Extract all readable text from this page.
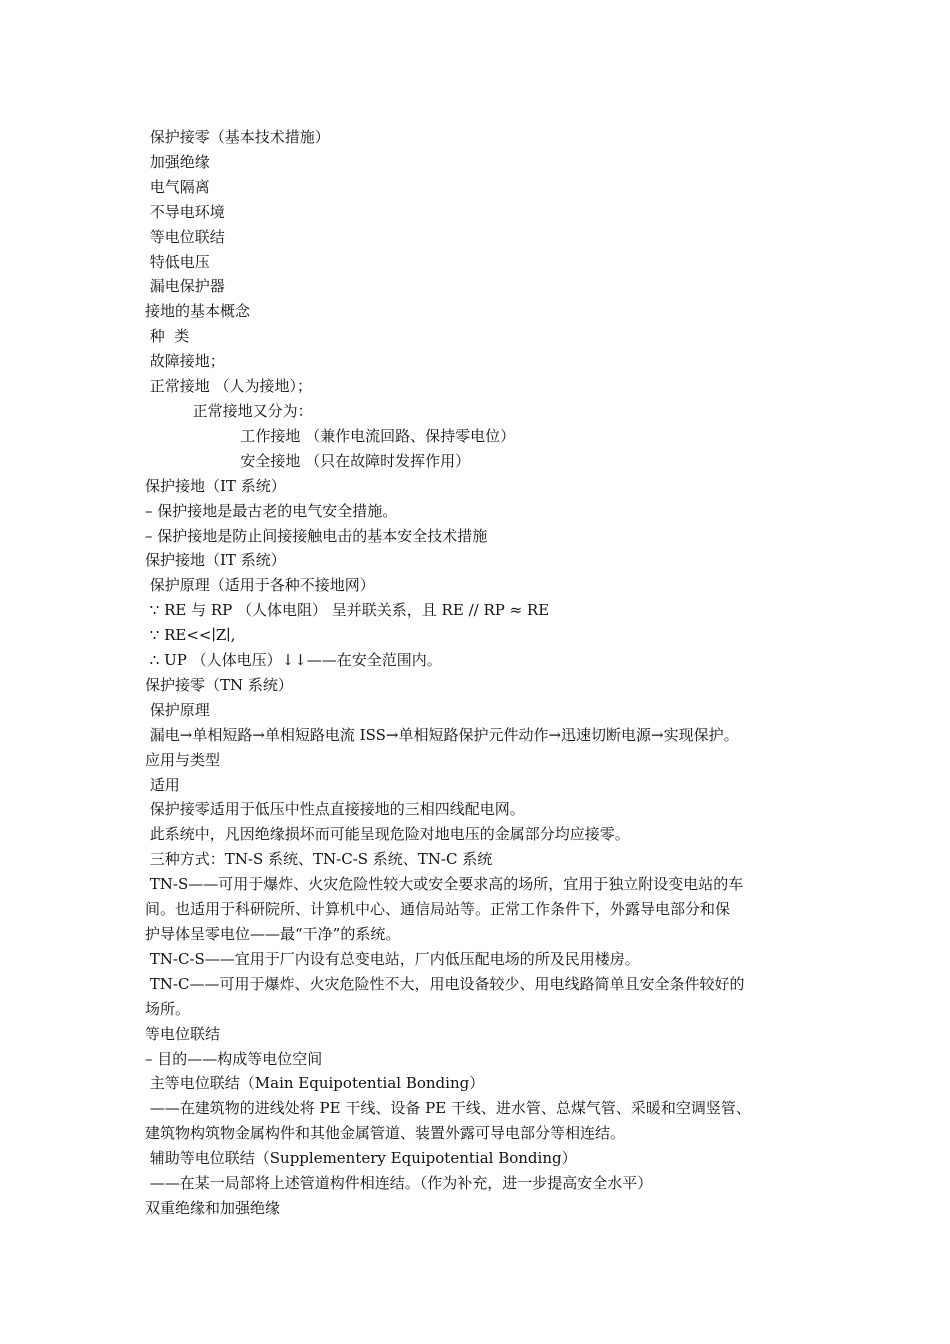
保护接零（基本技术措施）
加强绝缘
电气隔离
不导电环境
等电位联结
特低电压
漏电保护器
接地的基本概念
种  类
故障接地；
正常接地 （人为接地）；
正常接地又分为：
工作接地 （兼作电流回路、保持零电位）
安全接地 （只在故障时发挥作用）
保护接地（IT 系统）
– 保护接地是最古老的电气安全措施。
– 保护接地是防止间接接触电击的基本安全技术措施
保护接地（IT 系统）
保护原理（适用于各种不接地网）
∵ RE 与 RP （人体电阻） 呈并联关系，且 RE // RP ≈ RE
∵ RE<<∣Z∣,
∴ UP （人体电压）↓↓——在安全范围内。
保护接零（TN 系统）
保护原理
漏电→单相短路→单相短路电流 ISS→单相短路保护元件动作→迅速切断电源→实现保护。
应用与类型
适用
保护接零适用于低压中性点直接接地的三相四线配电网。
此系统中，凡因绝缘损坏而可能呈现危险对地电压的金属部分均应接零。
三种方式：TN-S 系统、TN-C-S 系统、TN-C 系统
TN-S——可用于爆炸、火灾危险性较大或安全要求高的场所，宜用于独立附设变电站的车
间。也适用于科研院所、计算机中心、通信局站等。正常工作条件下，外露导电部分和保
护导体呈零电位——最“干净”的系统。
TN-C-S——宜用于厂内设有总变电站，厂内低压配电场的所及民用楼房。
TN-C——可用于爆炸、火灾危险性不大，用电设备较少、用电线路简单且安全条件较好的
场所。
等电位联结
– 目的——构成等电位空间
主等电位联结（Main Equipotential Bonding）
——在建筑物的进线处将 PE 干线、设备 PE 干线、进水管、总煤气管、采暖和空调竖管、
建筑物构筑物金属构件和其他金属管道、装置外露可导电部分等相连结。
辅助等电位联结（Supplementery Equipotential Bonding）
——在某一局部将上述管道构件相连结。（作为补充，进一步提高安全水平）
双重绝缘和加强绝缘
